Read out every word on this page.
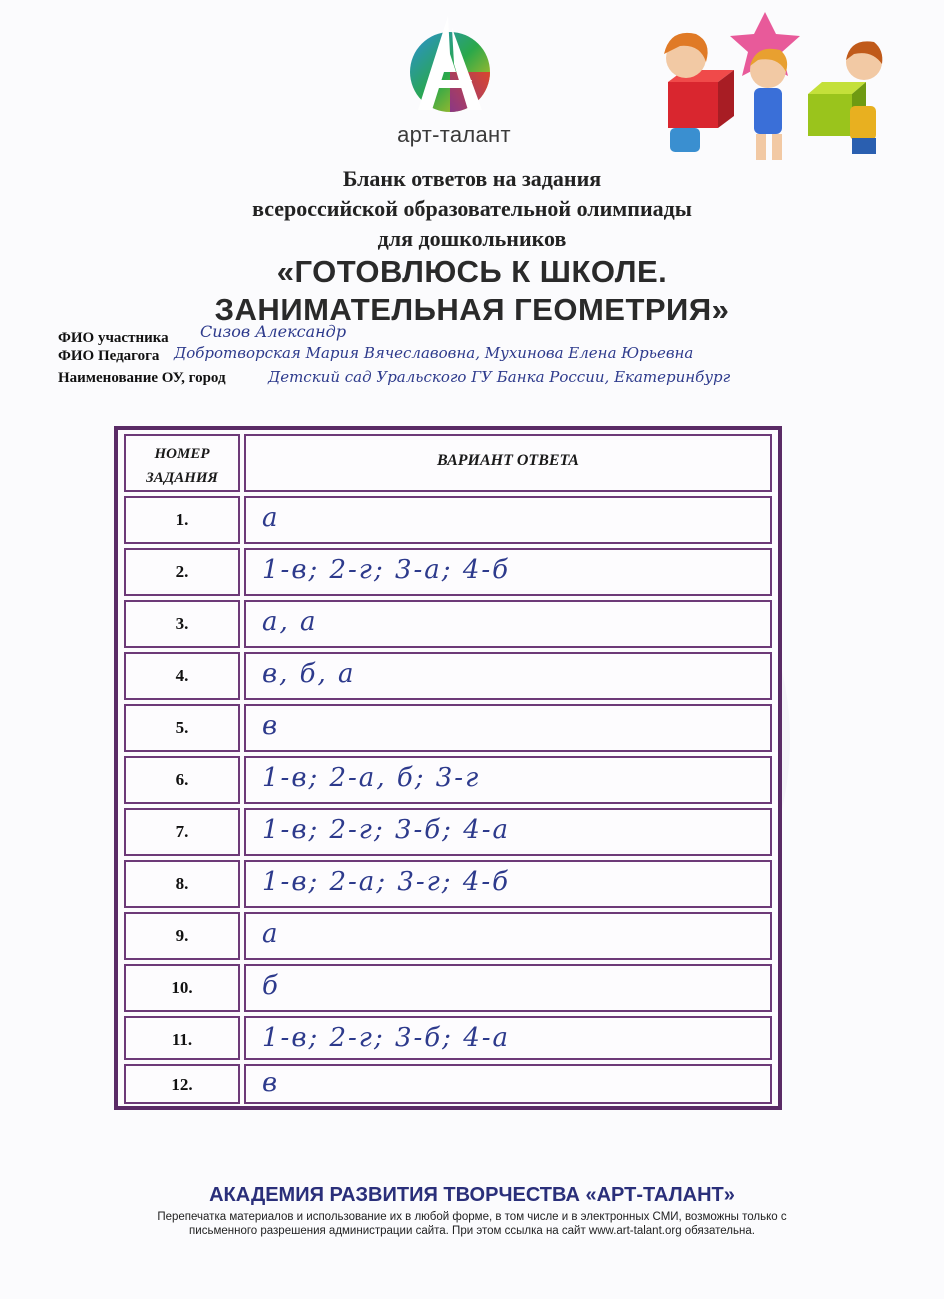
арт-талант
Бланк ответов на задания
всероссийской образовательной олимпиады
для дошкольников
«ГОТОВЛЮСЬ К ШКОЛЕ.
ЗАНИМАТЕЛЬНАЯ ГЕОМЕТРИЯ»
ФИО участника Сизов Александр
ФИО Педагога Добротворская Мария Вячеславовна, Мухинова Елена Юрьевна
Наименование ОУ, город	Детский сад Уральского ГУ Банка России, Екатеринбург
НОМЕР
ЗАДАНИЯ
ВАРИАНТ ОТВЕТА
1.	а
2.	1-в; 2-г; 3-а; 4-б
3.	а, а
4.	в, б, а
5.	в
6.	1-в; 2-а, б; 3-г
7.	1-в; 2-г; 3-б; 4-а
8.	1-в; 2-а; 3-г; 4-б
9.	а
10.	б
11.	1-в; 2-г; 3-б; 4-а
12.	в
АКАДЕМИЯ РАЗВИТИЯ ТВОРЧЕСТВА «АРТ-ТАЛАНТ»
Перепечатка материалов и использование их в любой форме, в том числе и в электронных СМИ, возможны только с
письменного разрешения администрации сайта. При этом ссылка на сайт www.art-talant.org обязательна.
